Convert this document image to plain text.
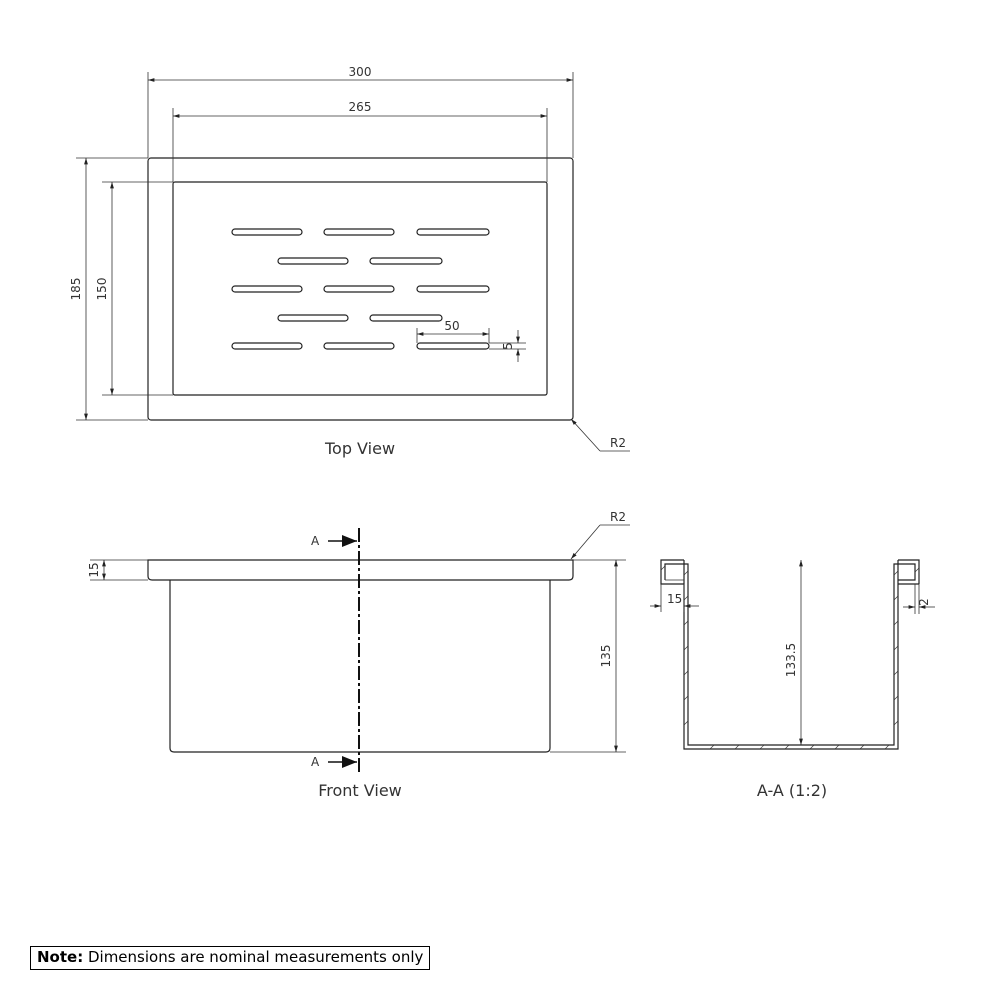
300
265
185 150
50
5
R2
Top View
A
A
15
135
R2
Front View
133.5
15	2
A-A (1:2)
Note: Dimensions are nominal measurements only
